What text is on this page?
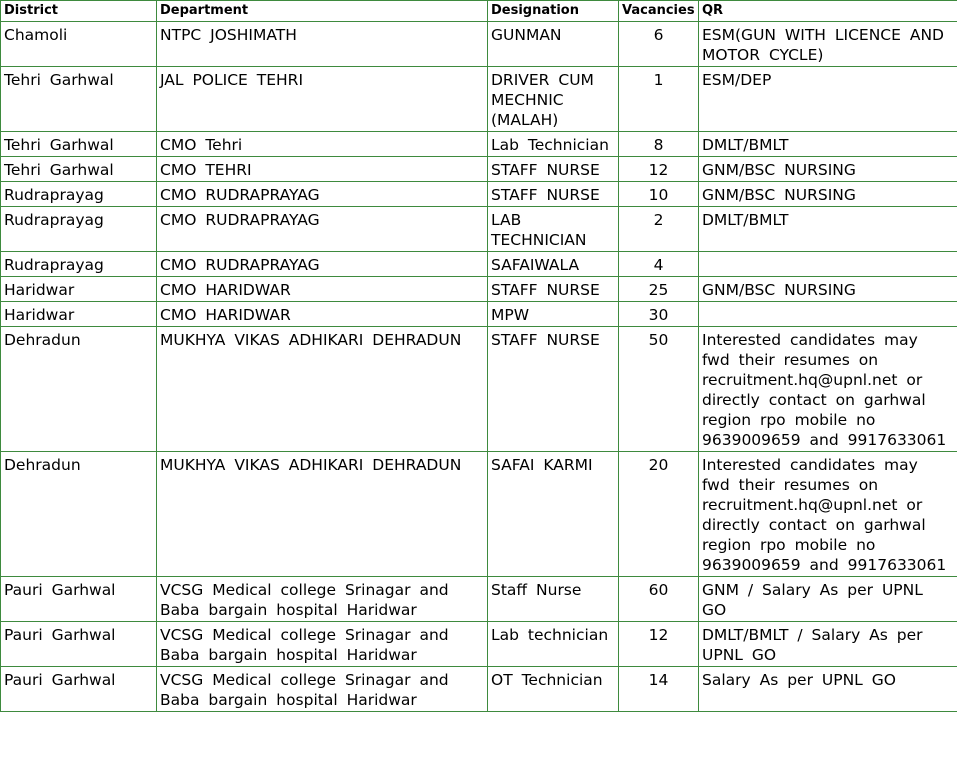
District	Department	Designation	Vacancies	QR
Chamoli	NTPC JOSHIMATH	GUNMAN	6	ESM(GUN WITH LICENCE AND MOTOR CYCLE)
Tehri Garhwal	JAL POLICE TEHRI	DRIVER CUM MECHNIC (MALAH)	1	ESM/DEP
Tehri Garhwal	CMO Tehri	Lab Technician	8	DMLT/BMLT
Tehri Garhwal	CMO TEHRI	STAFF NURSE	12	GNM/BSC NURSING
Rudraprayag	CMO RUDRAPRAYAG	STAFF NURSE	10	GNM/BSC NURSING
Rudraprayag	CMO RUDRAPRAYAG	LAB TECHNICIAN	2	DMLT/BMLT
Rudraprayag	CMO RUDRAPRAYAG	SAFAIWALA	4	
Haridwar	CMO HARIDWAR	STAFF NURSE	25	GNM/BSC NURSING
Haridwar	CMO HARIDWAR	MPW	30	
Dehradun	MUKHYA VIKAS ADHIKARI DEHRADUN	STAFF NURSE	50	Interested candidates may fwd their resumes on recruitment.hq@upnl.net or directly contact on garhwal region rpo mobile no 9639009659 and 9917633061
Dehradun	MUKHYA VIKAS ADHIKARI DEHRADUN	SAFAI KARMI	20	Interested candidates may fwd their resumes on recruitment.hq@upnl.net or directly contact on garhwal region rpo mobile no 9639009659 and 9917633061
Pauri Garhwal	VCSG Medical college Srinagar and Baba bargain hospital Haridwar	Staff Nurse	60	GNM / Salary As per UPNL GO
Pauri Garhwal	VCSG Medical college Srinagar and Baba bargain hospital Haridwar	Lab technician	12	DMLT/BMLT / Salary As per UPNL GO
Pauri Garhwal	VCSG Medical college Srinagar and Baba bargain hospital Haridwar	OT Technician	14	Salary As per UPNL GO
